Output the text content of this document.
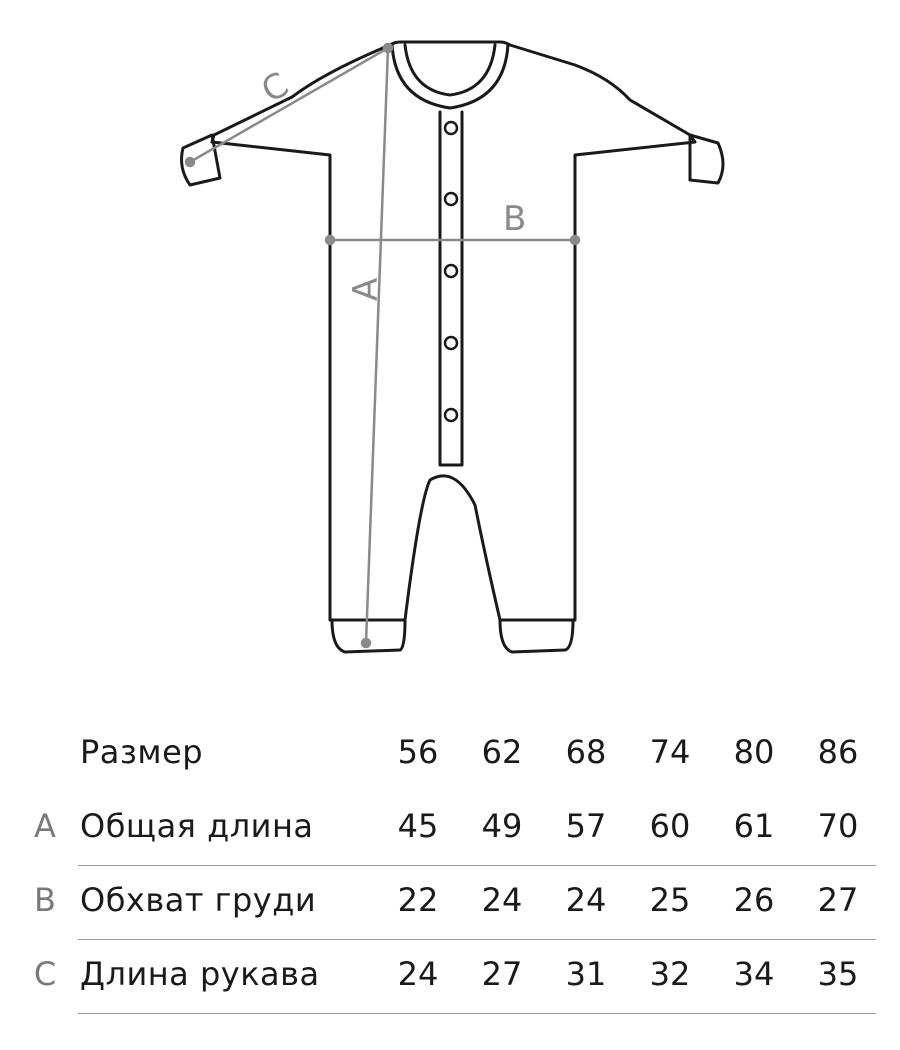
C
B
A
Размер	56	62	68	74	80	86
A Общая длина	45	49	57	60	61	70
B Обхват груди	22	24	24	25	26	27
C Длина рукава	24	27	31	32	34	35
